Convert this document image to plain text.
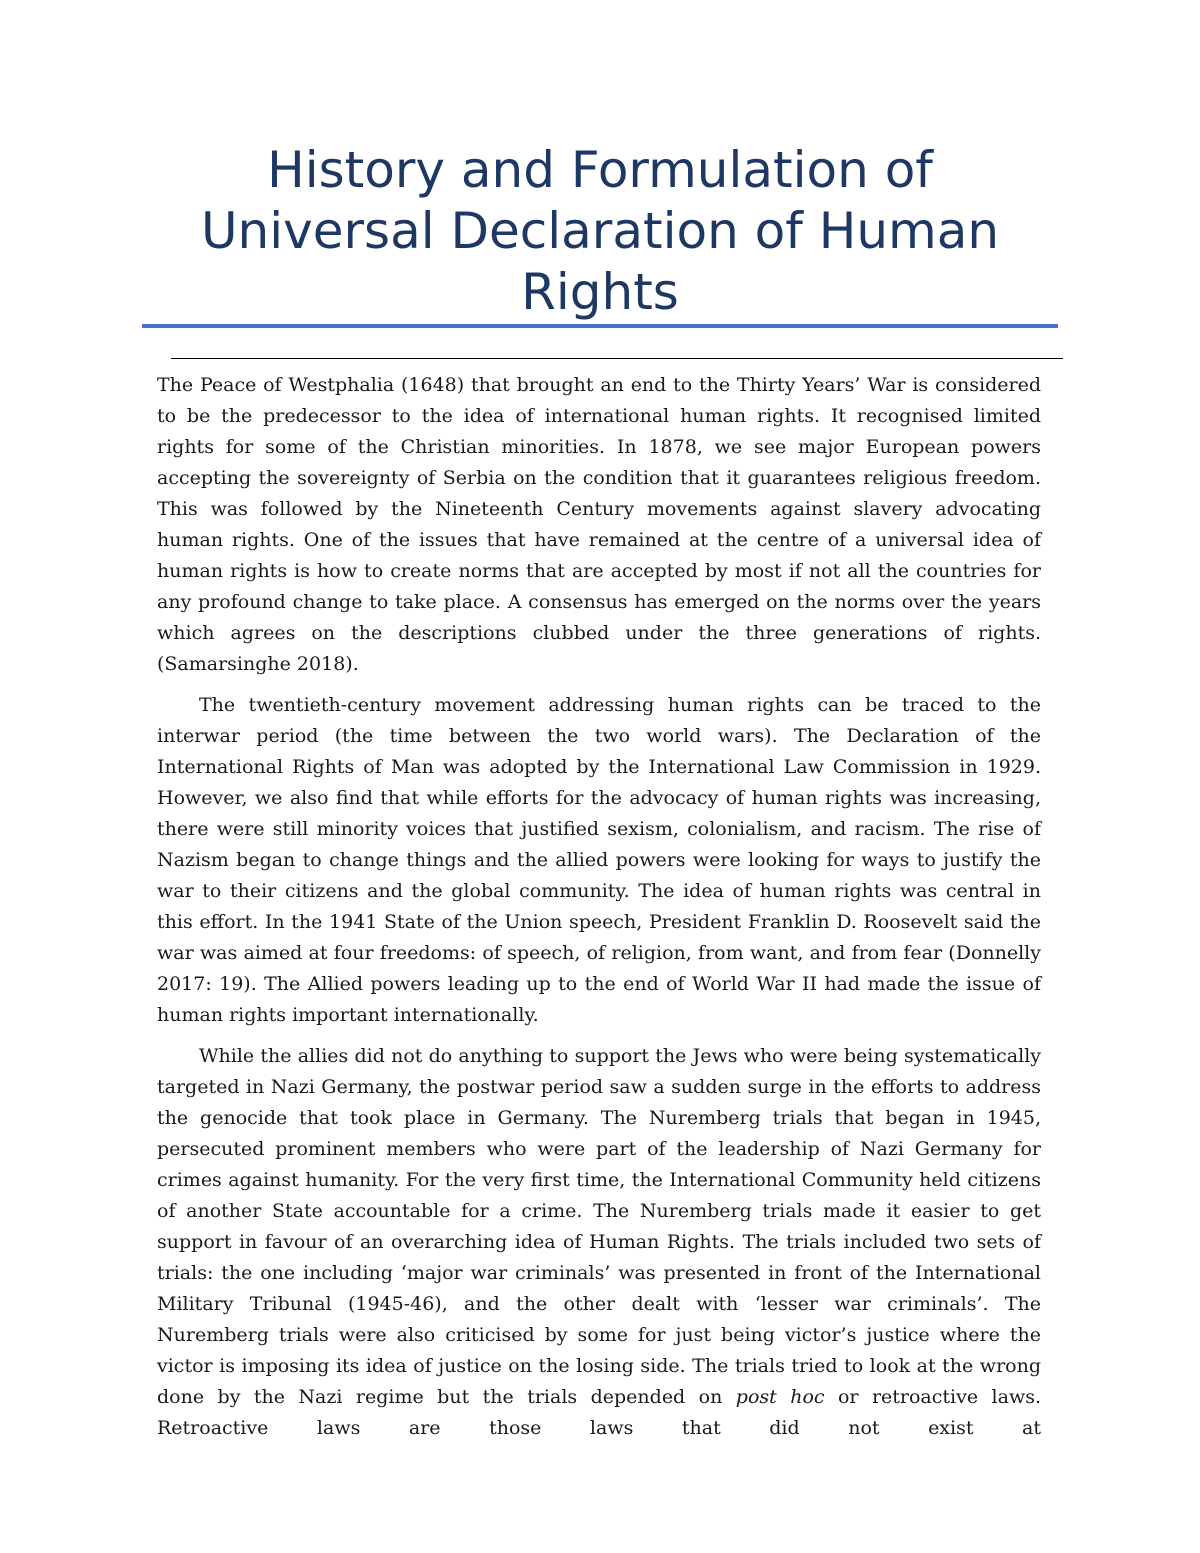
History and Formulation of
Universal Declaration of Human
Rights

The Peace of Westphalia (1648) that brought an end to the Thirty Years’ War is considered to be the predecessor to the idea of international human rights. It recognised limited rights for some of the Christian minorities. In 1878, we see major European powers accepting the sovereignty of Serbia on the condition that it guarantees religious freedom. This was followed by the Nineteenth Century movements against slavery advocating human rights. One of the issues that have remained at the centre of a universal idea of human rights is how to create norms that are accepted by most if not all the countries for any profound change to take place. A consensus has emerged on the norms over the years which agrees on the descriptions clubbed under the three generations of rights. (Samarsinghe 2018).

The twentieth-century movement addressing human rights can be traced to the interwar period (the time between the two world wars). The Declaration of the International Rights of Man was adopted by the International Law Commission in 1929. However, we also find that while efforts for the advocacy of human rights was increasing, there were still minority voices that justified sexism, colonialism, and racism. The rise of Nazism began to change things and the allied powers were looking for ways to justify the war to their citizens and the global community. The idea of human rights was central in this effort. In the 1941 State of the Union speech, President Franklin D. Roosevelt said the war was aimed at four freedoms: of speech, of religion, from want, and from fear (Donnelly 2017: 19). The Allied powers leading up to the end of World War II had made the issue of human rights important internationally.

While the allies did not do anything to support the Jews who were being systematically targeted in Nazi Germany, the postwar period saw a sudden surge in the efforts to address the genocide that took place in Germany. The Nuremberg trials that began in 1945, persecuted prominent members who were part of the leadership of Nazi Germany for crimes against humanity. For the very first time, the International Community held citizens of another State accountable for a crime. The Nuremberg trials made it easier to get support in favour of an overarching idea of Human Rights. The trials included two sets of trials: the one including ‘major war criminals’ was presented in front of the International Military Tribunal (1945-46), and the other dealt with ‘lesser war criminals’. The Nuremberg trials were also criticised by some for just being victor’s justice where the victor is imposing its idea of justice on the losing side. The trials tried to look at the wrong done by the Nazi regime but the trials depended on post hoc or retroactive laws. Retroactive laws are those laws that did not exist at
